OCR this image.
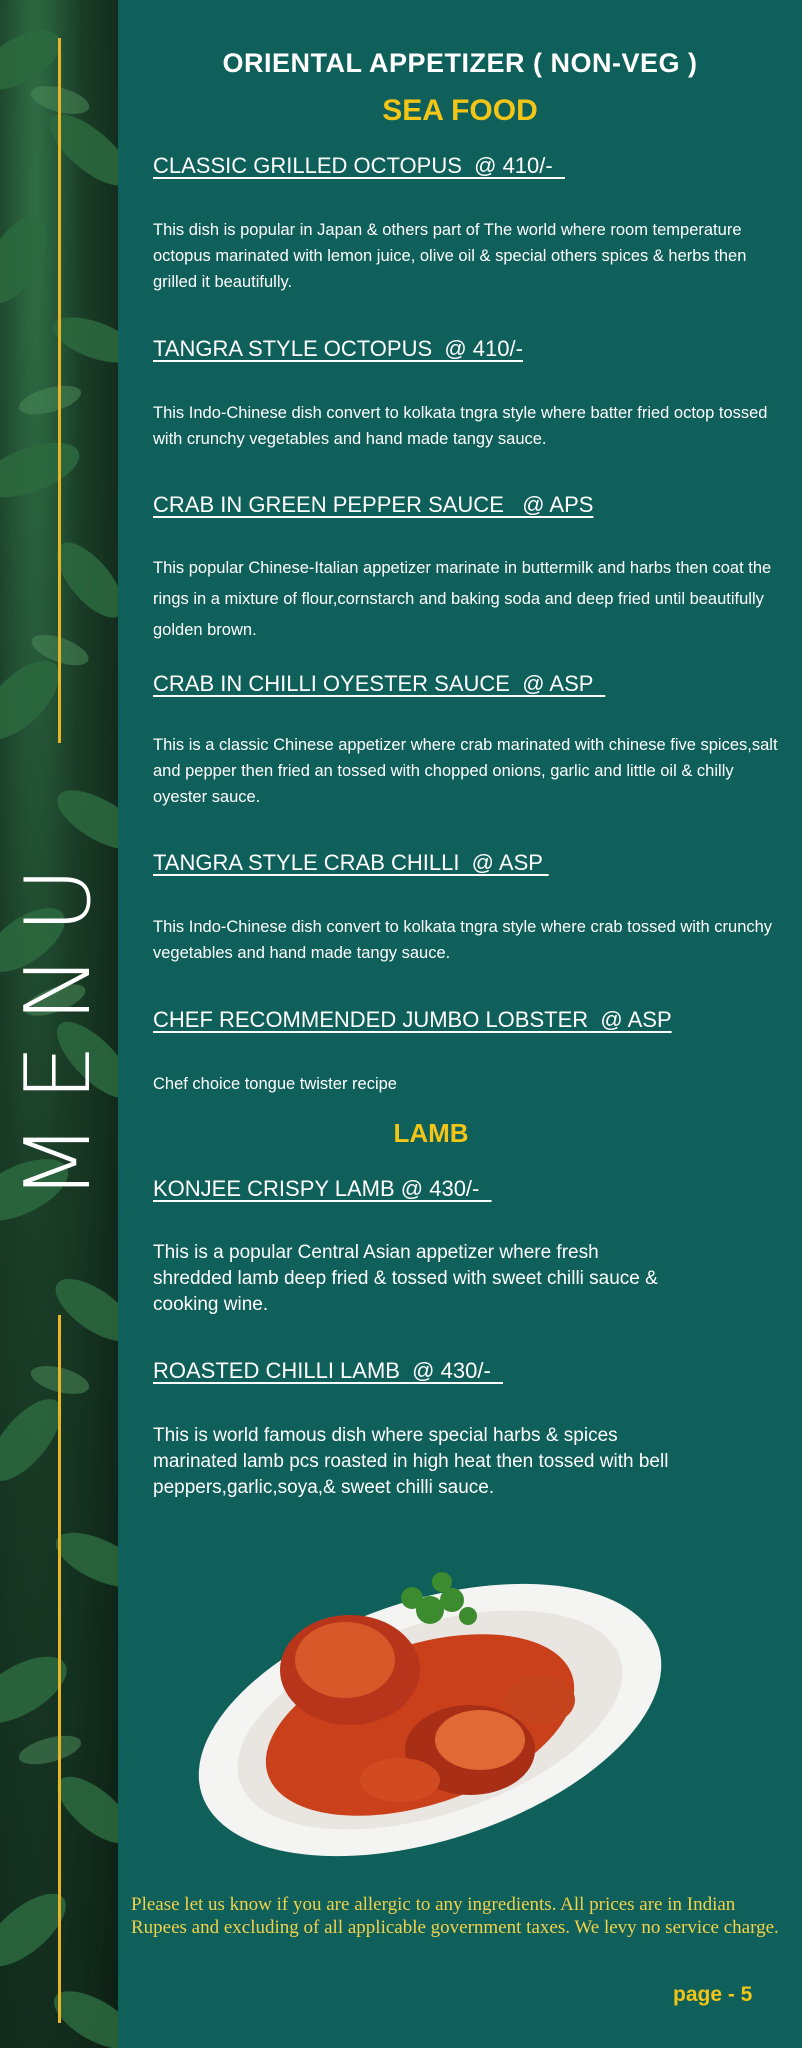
MENU
ORIENTAL APPETIZER ( NON-VEG )
SEA FOOD
CLASSIC GRILLED OCTOPUS  @ 410/-
This dish is popular in Japan & others part of The world where room temperature octopus marinated with lemon juice, olive oil & special others spices & herbs then grilled it beautifully.
TANGRA STYLE OCTOPUS  @ 410/-
This Indo-Chinese dish convert to kolkata tngra style where batter fried octop tossed with crunchy vegetables and hand made tangy sauce.
CRAB IN GREEN PEPPER SAUCE   @ APS
This popular Chinese-Italian appetizer marinate in buttermilk and harbs then coat the rings in a mixture of flour,cornstarch and baking soda and deep fried until beautifully golden brown.
CRAB IN CHILLI OYESTER SAUCE  @ ASP
This is a classic Chinese appetizer where crab marinated with chinese five spices,salt and pepper then fried an tossed with chopped onions, garlic and little oil & chilly oyester sauce.
TANGRA STYLE CRAB CHILLI  @ ASP
This Indo-Chinese dish convert to kolkata tngra style where crab tossed with crunchy vegetables and hand made tangy sauce.
CHEF RECOMMENDED JUMBO LOBSTER  @ ASP
Chef choice tongue twister recipe
LAMB
KONJEE CRISPY LAMB @ 430/-
This is a popular Central Asian appetizer where fresh shredded lamb deep fried & tossed with sweet chilli sauce & cooking wine.
ROASTED CHILLI LAMB  @ 430/-
This is world famous dish where special harbs & spices marinated lamb pcs roasted in high heat then tossed with bell peppers,garlic,soya,& sweet chilli sauce.
Please let us know if you are allergic to any ingredients. All prices are in Indian Rupees and excluding of all applicable government taxes. We levy no service charge.
page - 5
